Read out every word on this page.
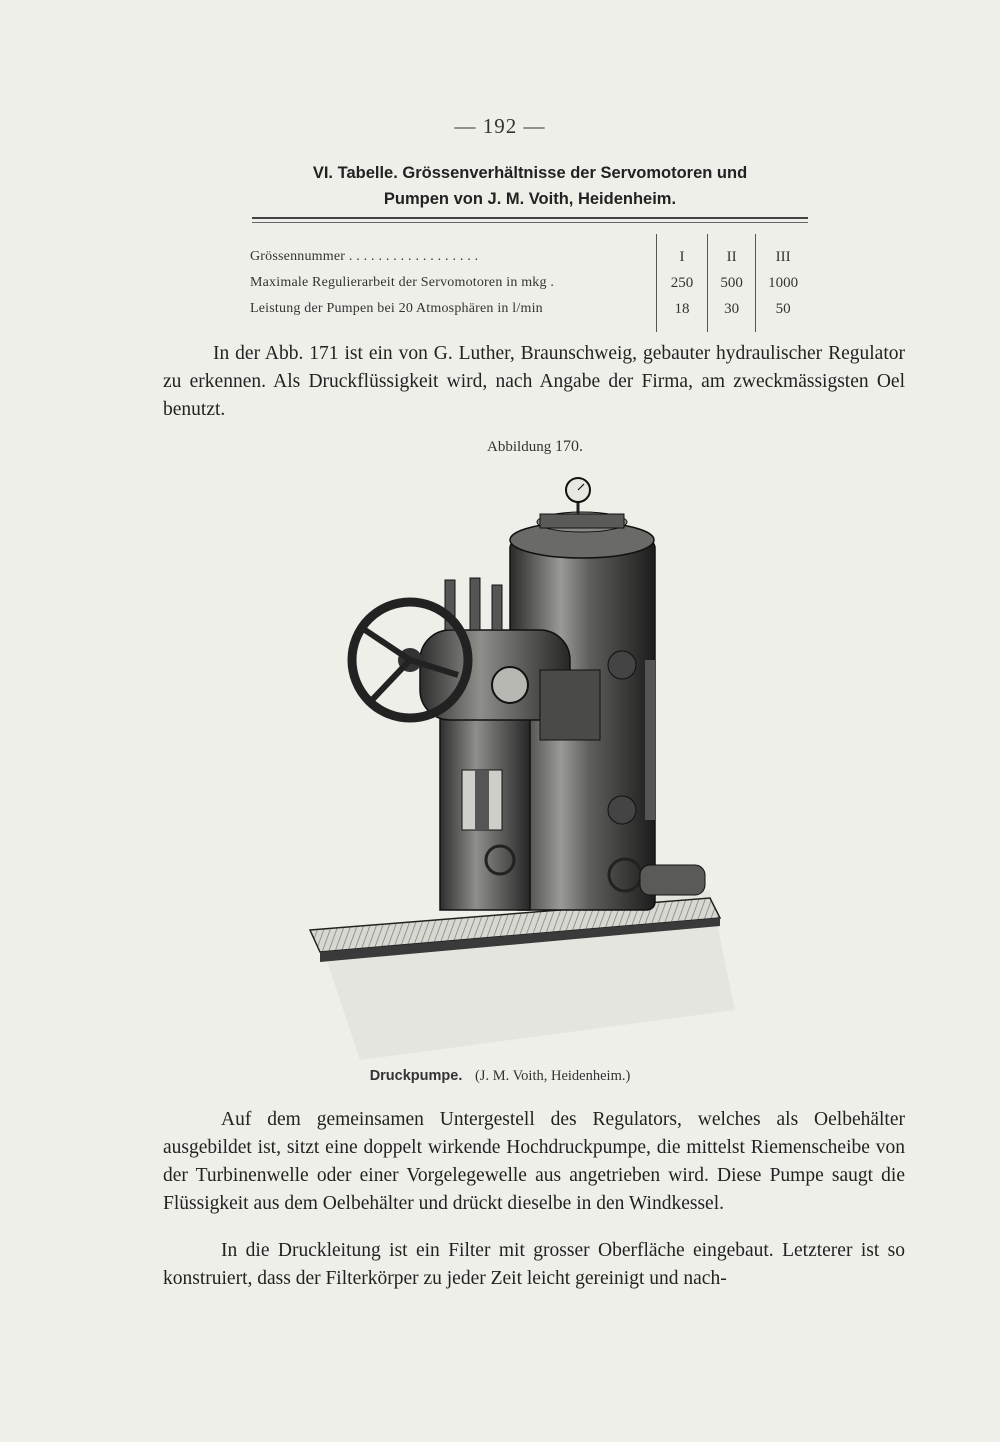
— 192 —
VI. Tabelle. Grössenverhältnisse der Servomotoren und
Pumpen von J. M. Voith, Heidenheim.

Grössennummer . . . . . . . . . . . . . . . . . .	I	II	III
Maximale Regulierarbeit der Servomotoren in mkg .	250	500	1000
Leistung der Pumpen bei 20 Atmosphären in l/min	18	30	50

In der Abb. 171 ist ein von G. Luther, Braunschweig, gebauter hydraulischer Regulator zu erkennen. Als Druckflüssigkeit wird, nach Angabe der Firma, am zweckmässigsten Oel benutzt.

Abbildung 170.
Druckpumpe. (J. M. Voith, Heidenheim.)

Auf dem gemeinsamen Untergestell des Regulators, welches als Oelbehälter ausgebildet ist, sitzt eine doppelt wirkende Hochdruckpumpe, die mittelst Riemenscheibe von der Turbinenwelle oder einer Vorgelegewelle aus angetrieben wird. Diese Pumpe saugt die Flüssigkeit aus dem Oelbehälter und drückt dieselbe in den Windkessel.

In die Druckleitung ist ein Filter mit grosser Oberfläche eingebaut. Letzterer ist so konstruiert, dass der Filterkörper zu jeder Zeit leicht gereinigt und nach-
